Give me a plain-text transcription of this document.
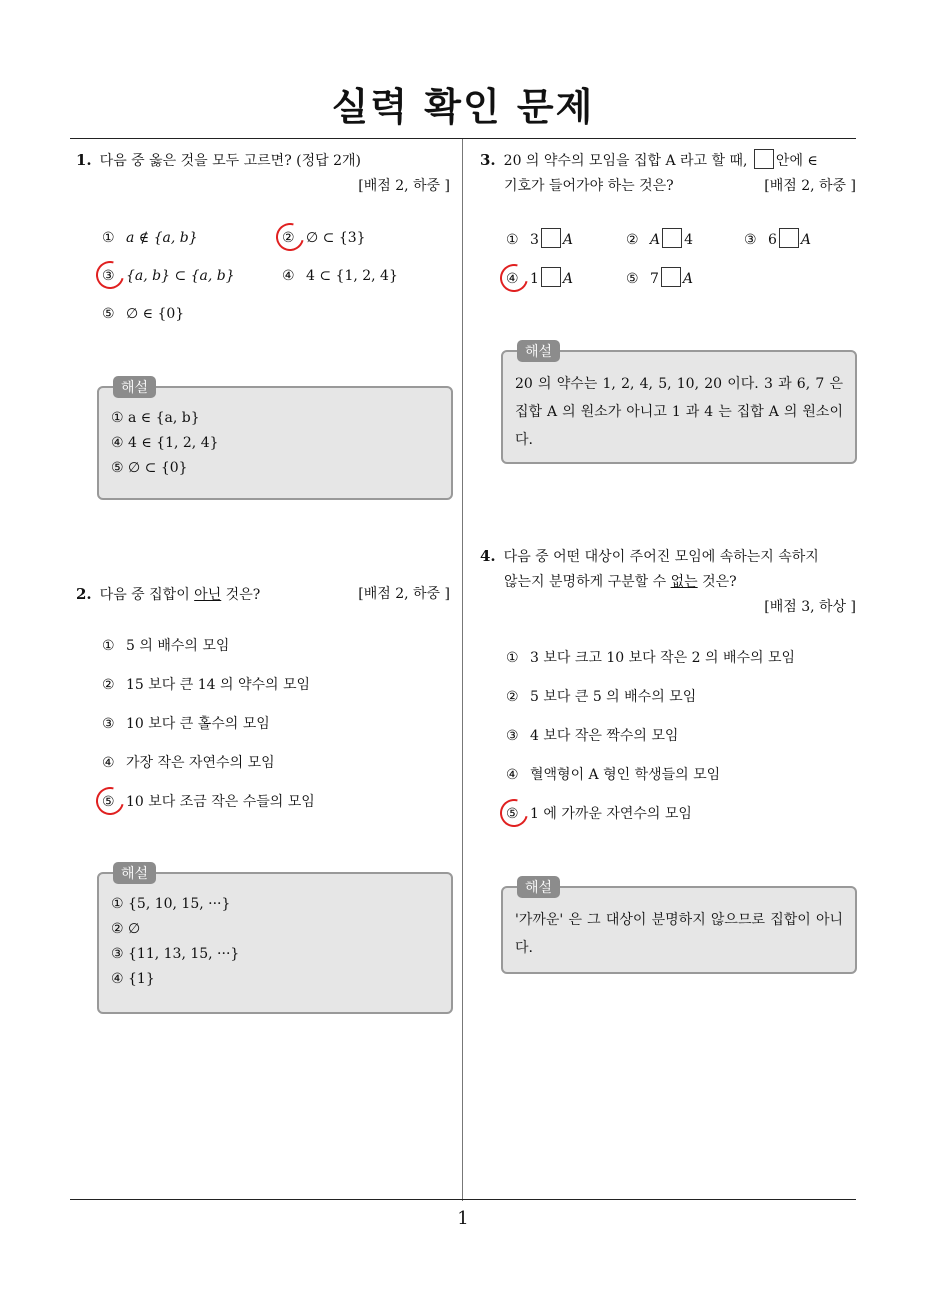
실력 확인 문제
1
1. 다음 중 옳은 것을 모두 고르면? (정답 2개)
[배점 2, 하중 ]
① a ∉ {a, b}	② ∅ ⊂ {3}
③ {a, b} ⊂ {a, b}	④ 4 ⊂ {1, 2, 4}
⑤ ∅ ∈ {0}
해설
① a ∈ {a, b}
④ 4 ∈ {1, 2, 4}
⑤ ∅ ⊂ {0}
2. 다음 중 집합이 아닌 것은?	[배점 2, 하중 ]
① 5 의 배수의 모임
② 15 보다 큰 14 의 약수의 모임
③ 10 보다 큰 홀수의 모임
④ 가장 작은 자연수의 모임
⑤ 10 보다 조금 작은 수들의 모임
해설
① {5, 10, 15, ···}
② ∅
③ {11, 13, 15, ···}
④ {1}
3. 20 의 약수의 모임을 집합 A 라고 할 때, 안에 ∈
기호가 들어가야 하는 것은?	[배점 2, 하중 ]
① 3 A	② A 4	③ 6 A
④ 1 A	⑤ 7 A
해설
20 의 약수는 1, 2, 4, 5, 10, 20 이다. 3 과 6, 7 은 집합 A 의 원소가 아니고 1 과 4 는 집합 A 의 원소이다.
4. 다음 중 어떤 대상이 주어진 모임에 속하는지 속하지
않는지 분명하게 구분할 수 없는 것은?
[배점 3, 하상 ]
① 3 보다 크고 10 보다 작은 2 의 배수의 모임
② 5 보다 큰 5 의 배수의 모임
③ 4 보다 작은 짝수의 모임
④ 혈액형이 A 형인 학생들의 모임
⑤ 1 에 가까운 자연수의 모임
해설
'가까운' 은 그 대상이 분명하지 않으므로 집합이 아니다.
